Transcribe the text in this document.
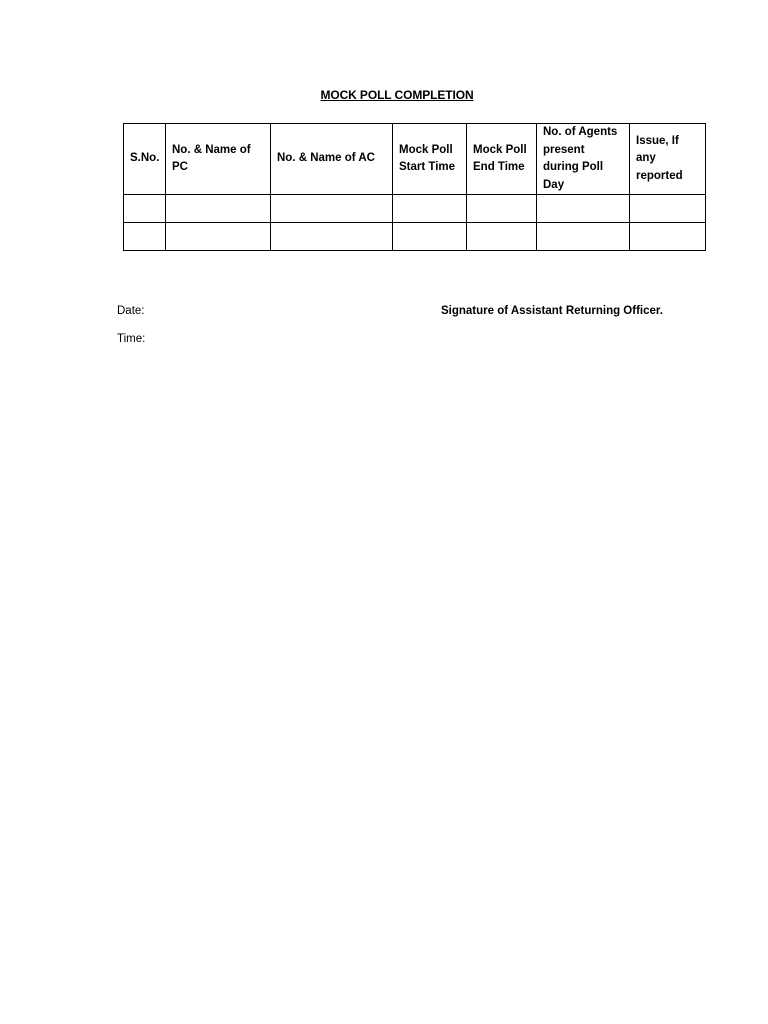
MOCK POLL COMPLETION
S.No.	No. & Name of PC	No. & Name of AC	Mock Poll Start Time	Mock Poll End Time	No. of Agents present during Poll Day	Issue, If any reported

Date:
Time:
Signature of Assistant Returning Officer.
